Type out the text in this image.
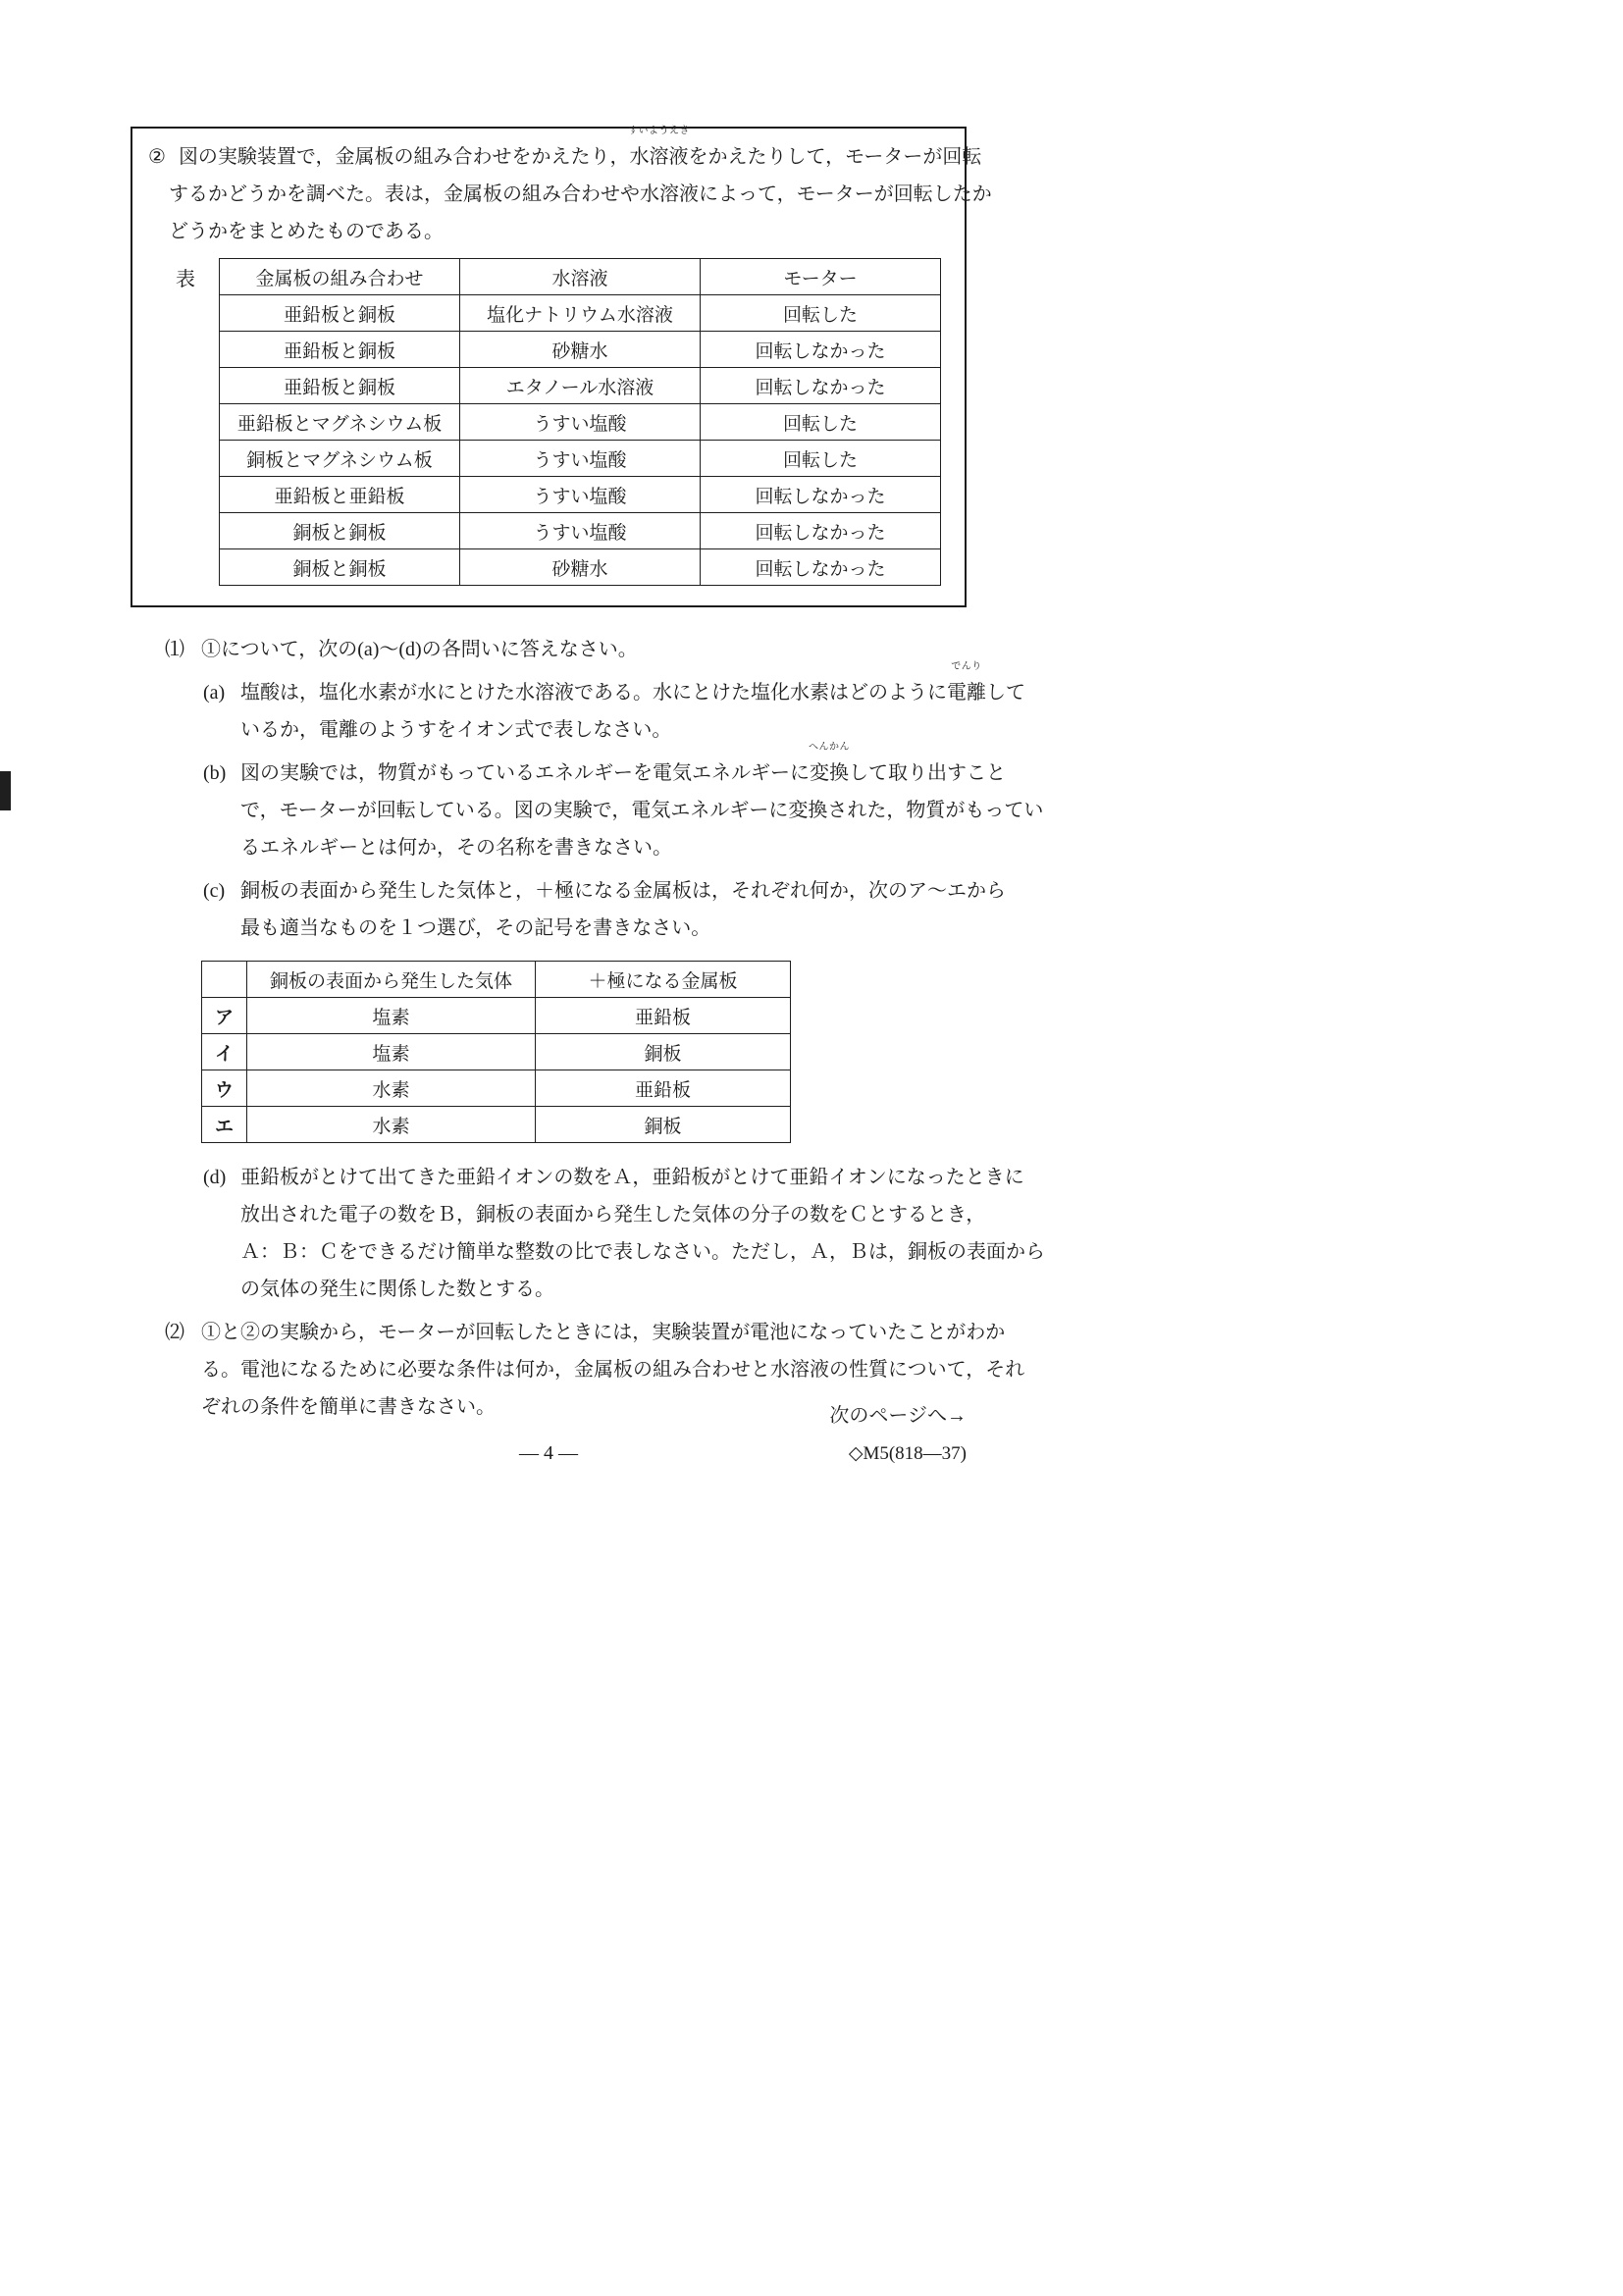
② 図の実験装置で，金属板の組み合わせをかえたり，
すいようえき
水溶液をかえたりして，モーターが回転
するかどうかを調べた。表は，金属板の組み合わせや水溶液によって，モーターが回転したか
どうかをまとめたものである。
表	金属板の組み合わせ	水溶液	モーター
亜鉛板と銅板	塩化ナトリウム水溶液	回転した
亜鉛板と銅板	砂糖水	回転しなかった
亜鉛板と銅板	エタノール水溶液	回転しなかった
亜鉛板とマグネシウム板	うすい塩酸	回転した
銅板とマグネシウム板	うすい塩酸	回転した
亜鉛板と亜鉛板	うすい塩酸	回転しなかった
銅板と銅板	うすい塩酸	回転しなかった
銅板と銅板	砂糖水	回転しなかった
⑴ ①について，次の(a)～(d)の各問いに答えなさい。
(a) 塩酸は，塩化水素が水にとけた水溶液である。水にとけた塩化水素はどのように
でんり
電離して
いるか，電離のようすをイオン式で表しなさい。
(b) 図の実験では，物質がもっているエネルギーを電気エネルギーに
へんかん
変換して取り出すこと
で，モーターが回転している。図の実験で，電気エネルギーに変換された，物質がもってい
るエネルギーとは何か，その名称を書きなさい。
(c) 銅板の表面から発生した気体と，＋極になる金属板は，それぞれ何か，次のア～エから
最も適当なものを１つ選び，その記号を書きなさい。
	銅板の表面から発生した気体	＋極になる金属板
ア	塩素	亜鉛板
イ	塩素	銅板
ウ	水素	亜鉛板
エ	水素	銅板
(d) 亜鉛板がとけて出てきた亜鉛イオンの数をＡ，亜鉛板がとけて亜鉛イオンになったときに
放出された電子の数をＢ，銅板の表面から発生した気体の分子の数をＣとするとき，
Ａ：Ｂ：Ｃをできるだけ簡単な整数の比で表しなさい。ただし，Ａ，Ｂは，銅板の表面から
の気体の発生に関係した数とする。
⑵ ①と②の実験から，モーターが回転したときには，実験装置が電池になっていたことがわか
る。電池になるために必要な条件は何か，金属板の組み合わせと水溶液の性質について，それ
ぞれの条件を簡単に書きなさい。	次のページへ→
― 4 ―	◇M5(818―37)
